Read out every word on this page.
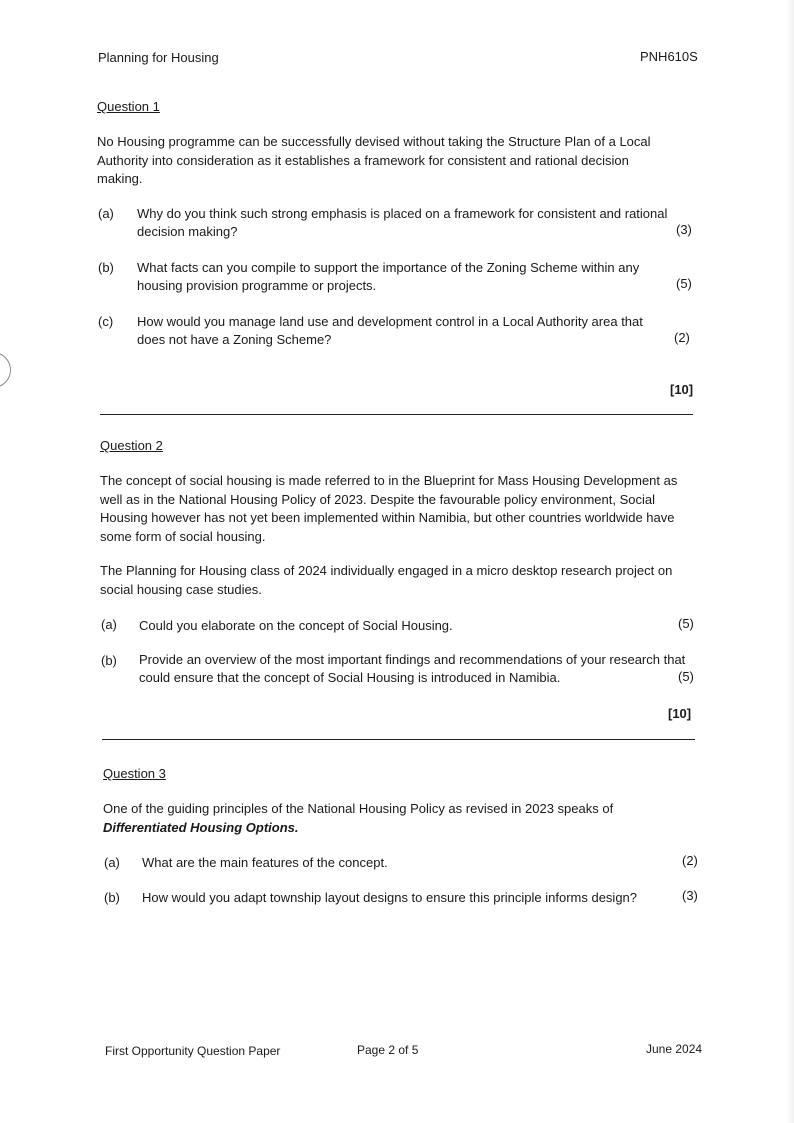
Planning for Housing	PNH610S
Question 1
No Housing programme can be successfully devised without taking the Structure Plan of a Local Authority into consideration as it establishes a framework for consistent and rational decision making.
(a) Why do you think such strong emphasis is placed on a framework for consistent and rational decision making?	(3)
(b) What facts can you compile to support the importance of the Zoning Scheme within any housing provision programme or projects.	(5)
(c) How would you manage land use and development control in a Local Authority area that does not have a Zoning Scheme?	(2)
[10]
Question 2
The concept of social housing is made referred to in the Blueprint for Mass Housing Development as well as in the National Housing Policy of 2023. Despite the favourable policy environment, Social Housing however has not yet been implemented within Namibia, but other countries worldwide have some form of social housing.
The Planning for Housing class of 2024 individually engaged in a micro desktop research project on social housing case studies.
(a) Could you elaborate on the concept of Social Housing.	(5)
(b) Provide an overview of the most important findings and recommendations of your research that could ensure that the concept of Social Housing is introduced in Namibia.	(5)
[10]
Question 3
One of the guiding principles of the National Housing Policy as revised in 2023 speaks of
Differentiated Housing Options.
(a) What are the main features of the concept.	(2)
(b) How would you adapt township layout designs to ensure this principle informs design?	(3)
First Opportunity Question Paper	Page 2 of 5	June 2024
